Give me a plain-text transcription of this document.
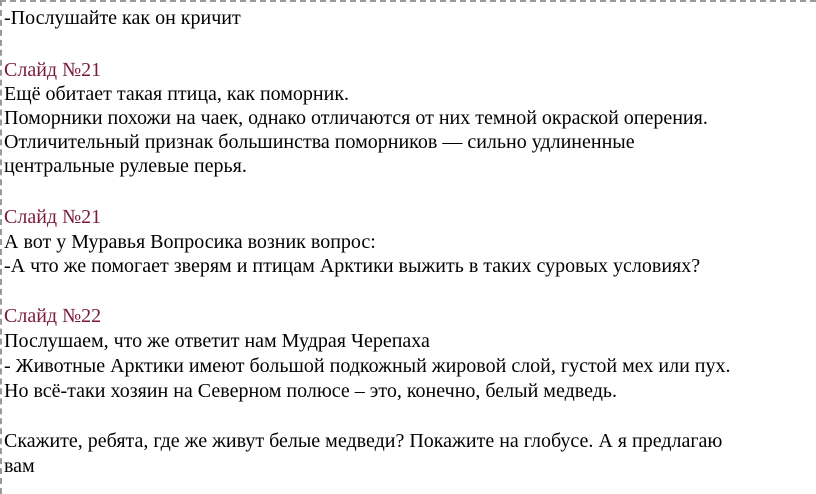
-Послушайте как он кричит

Слайд №21

Ещё обитает такая птица, как поморник.

Поморники похожи на чаек, однако отличаются от них темной окраской оперения.

Отличительный признак большинства поморников — сильно удлиненные

центральные рулевые перья.

Слайд №21

А вот у Муравья Вопросика возник вопрос:

-А что же помогает зверям и птицам Арктики выжить в таких суровых условиях?

Слайд №22

Послушаем, что же ответит нам Мудрая Черепаха

- Животные Арктики имеют большой подкожный жировой слой, густой мех или пух.

Но всё-таки хозяин на Северном полюсе – это, конечно, белый медведь.

Скажите, ребята, где же живут белые медведи? Покажите на глобусе. А я предлагаю

вам
